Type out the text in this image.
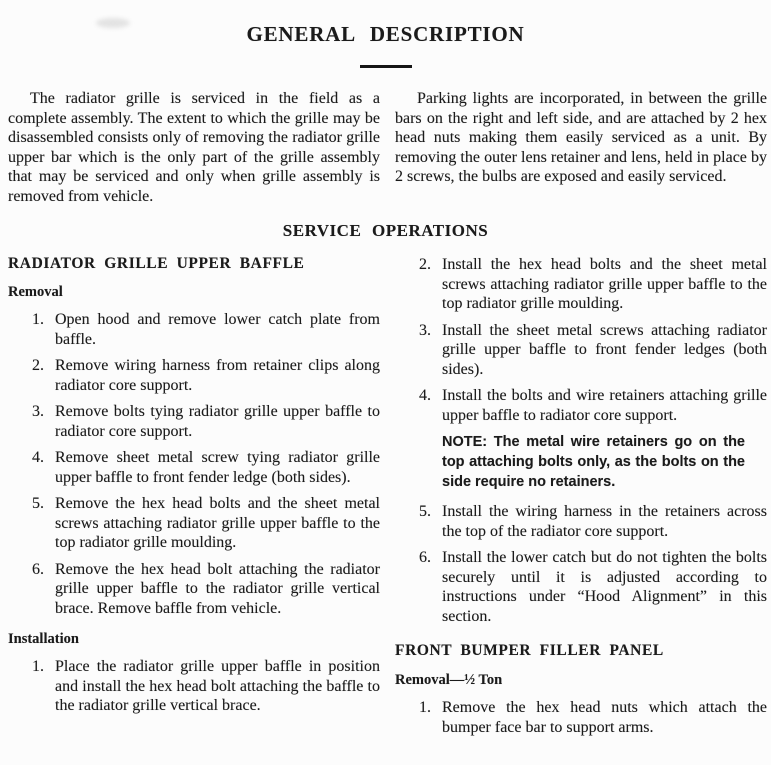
GENERAL DESCRIPTION

The radiator grille is serviced in the field as a complete assembly. The extent to which the grille may be disassembled consists only of removing the radiator grille upper bar which is the only part of the grille assembly that may be serviced and only when grille assembly is removed from vehicle.

Parking lights are incorporated, in between the grille bars on the right and left side, and are attached by 2 hex head nuts making them easily serviced as a unit. By removing the outer lens retainer and lens, held in place by 2 screws, the bulbs are exposed and easily serviced.

SERVICE OPERATIONS
RADIATOR GRILLE UPPER BAFFLE
Removal
1. Open hood and remove lower catch plate from baffle.
2. Remove wiring harness from retainer clips along radiator core support.
3. Remove bolts tying radiator grille upper baffle to radiator core support.
4. Remove sheet metal screw tying radiator grille upper baffle to front fender ledge (both sides).
5. Remove the hex head bolts and the sheet metal screws attaching radiator grille upper baffle to the top radiator grille moulding.
6. Remove the hex head bolt attaching the radiator grille upper baffle to the radiator grille vertical brace. Remove baffle from vehicle.
Installation
1. Place the radiator grille upper baffle in position and install the hex head bolt attaching the baffle to the radiator grille vertical brace.
2. Install the hex head bolts and the sheet metal screws attaching radiator grille upper baffle to the top radiator grille moulding.
3. Install the sheet metal screws attaching radiator grille upper baffle to front fender ledges (both sides).
4. Install the bolts and wire retainers attaching grille upper baffle to radiator core support.
NOTE: The metal wire retainers go on the top attaching bolts only, as the bolts on the side require no retainers.
5. Install the wiring harness in the retainers across the top of the radiator core support.
6. Install the lower catch but do not tighten the bolts securely until it is adjusted according to instructions under “Hood Alignment” in this section.
FRONT BUMPER FILLER PANEL
Removal—½ Ton
1. Remove the hex head nuts which attach the bumper face bar to support arms.
